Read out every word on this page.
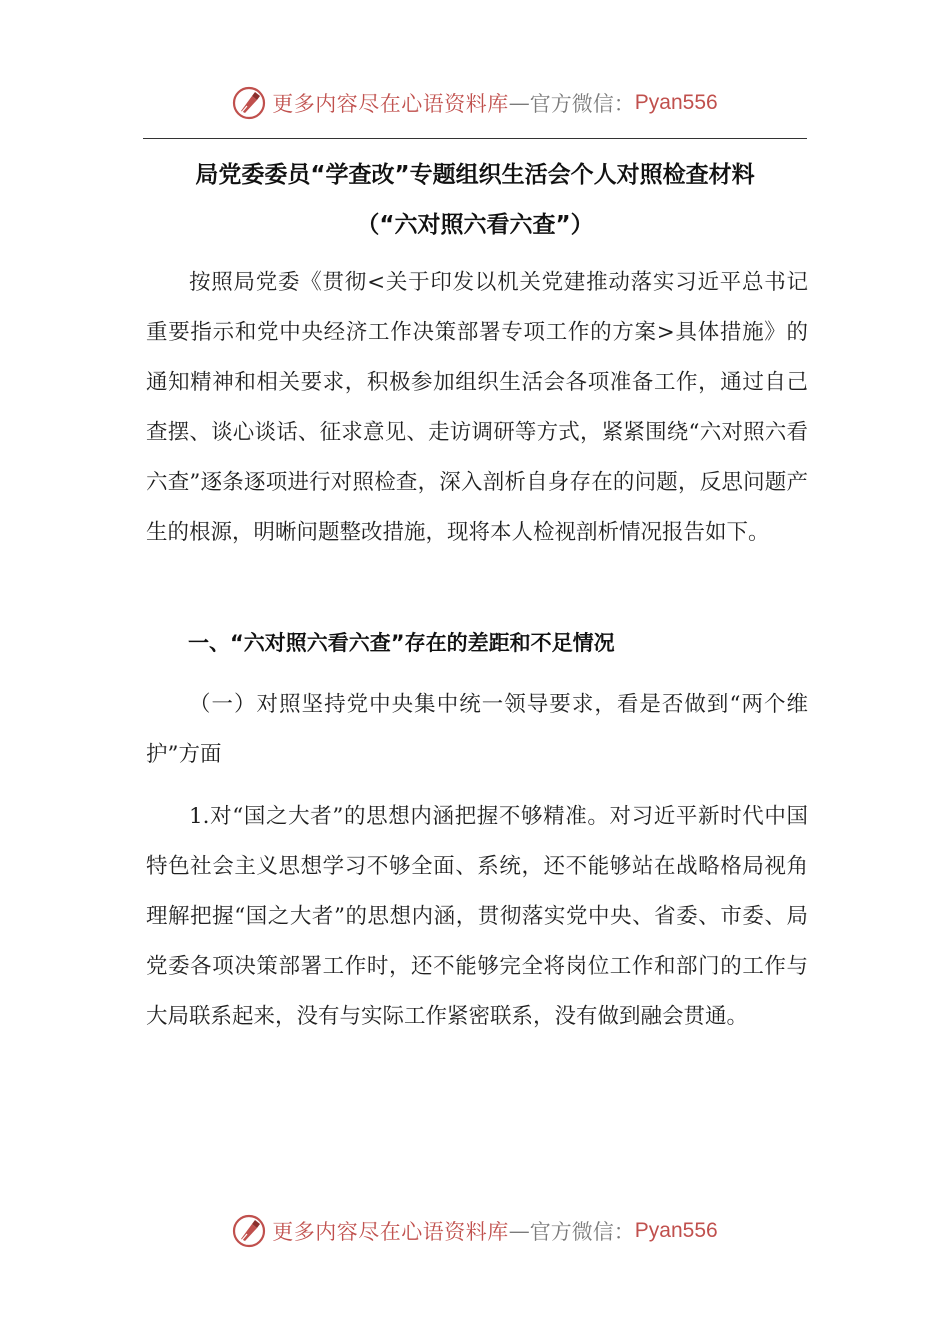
更多内容尽在心语资料库 — 官方微信： Pyan556
局党委委员“学查改”专题组织生活会个人对照检查材料
（“六对照六看六查”）
按照局党委《贯彻<关于印发以机关党建推动落实习近平总书记重要指示和党中央经济工作决策部署专项工作的方案>具体措施》的通知精神和相关要求，积极参加组织生活会各项准备工作，通过自己查摆、谈心谈话、征求意见、走访调研等方式，紧紧围绕“六对照六看六查”逐条逐项进行对照检查，深入剖析自身存在的问题，反思问题产生的根源，明晰问题整改措施，现将本人检视剖析情况报告如下。
一、“六对照六看六查”存在的差距和不足情况
（一）对照坚持党中央集中统一领导要求，看是否做到“两个维护”方面
1.对“国之大者”的思想内涵把握不够精准。对习近平新时代中国特色社会主义思想学习不够全面、系统，还不能够站在战略格局视角理解把握“国之大者”的思想内涵，贯彻落实党中央、省委、市委、局党委各项决策部署工作时，还不能够完全将岗位工作和部门的工作与大局联系起来，没有与实际工作紧密联系，没有做到融会贯通。
更多内容尽在心语资料库 — 官方微信： Pyan556
